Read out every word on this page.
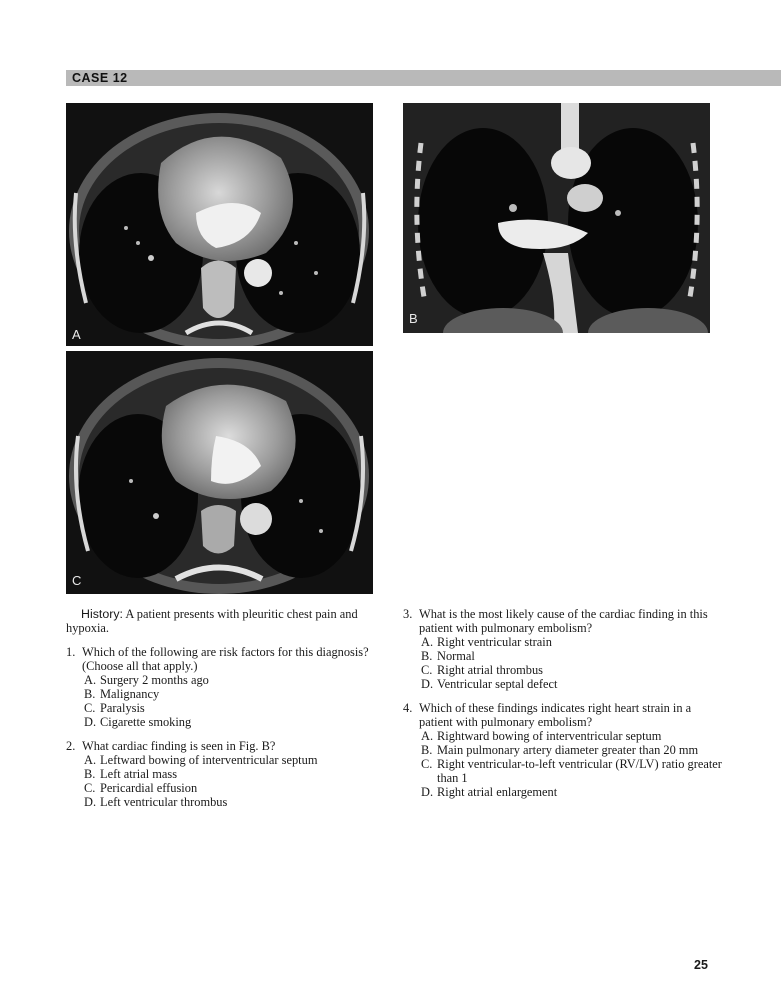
CASE 12
A
B
C

History: A patient presents with pleuritic chest pain and hypoxia.

1. Which of the following are risk factors for this diagnosis? (Choose all that apply.)
A. Surgery 2 months ago
B. Malignancy
C. Paralysis
D. Cigarette smoking
2. What cardiac finding is seen in Fig. B?
A. Leftward bowing of interventricular septum
B. Left atrial mass
C. Pericardial effusion
D. Left ventricular thrombus
3. What is the most likely cause of the cardiac finding in this patient with pulmonary embolism?
A. Right ventricular strain
B. Normal
C. Right atrial thrombus
D. Ventricular septal defect
4. Which of these findings indicates right heart strain in a patient with pulmonary embolism?
A. Rightward bowing of interventricular septum
B. Main pulmonary artery diameter greater than 20 mm
C. Right ventricular-to-left ventricular (RV/LV) ratio greater than 1
D. Right atrial enlargement
25
